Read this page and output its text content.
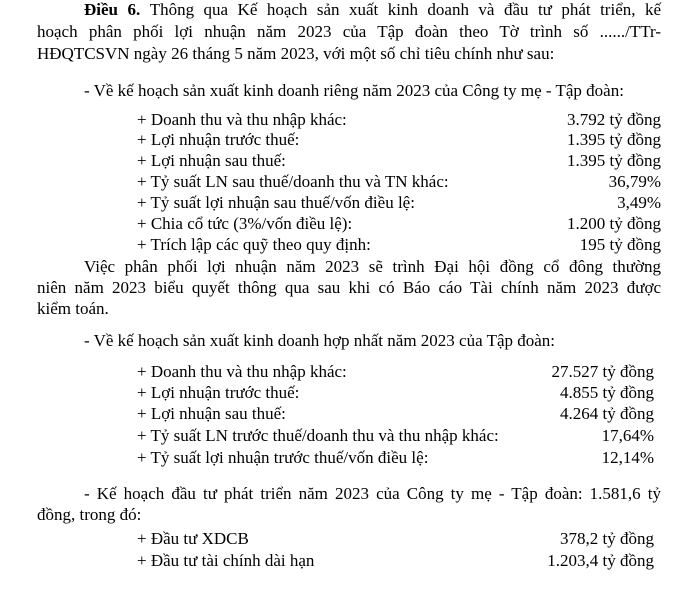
Điều 6. Thông qua Kế hoạch sản xuất kinh doanh và đầu tư phát triển, kế
hoạch phân phối lợi nhuận năm 2023 của Tập đoàn theo Tờ trình số ....../TTr-
HĐQTCSVN ngày 26 tháng 5 năm 2023, với một số chỉ tiêu chính như sau:
- Về kế hoạch sản xuất kinh doanh riêng năm 2023 của Công ty mẹ - Tập đoàn:
+ Doanh thu và thu nhập khác:	3.792 tỷ đồng
+ Lợi nhuận trước thuế:	1.395 tỷ đồng
+ Lợi nhuận sau thuế:	1.395 tỷ đồng
+ Tỷ suất LN sau thuế/doanh thu và TN khác:	36,79%
+ Tỷ suất lợi nhuận sau thuế/vốn điều lệ:	3,49%
+ Chia cổ tức (3%/vốn điều lệ):	1.200 tỷ đồng
+ Trích lập các quỹ theo quy định:	195 tỷ đồng
Việc phân phối lợi nhuận năm 2023 sẽ trình Đại hội đồng cổ đông thường
niên năm 2023 biểu quyết thông qua sau khi có Báo cáo Tài chính năm 2023 được
kiểm toán.
- Về kế hoạch sản xuất kinh doanh hợp nhất năm 2023 của Tập đoàn:
+ Doanh thu và thu nhập khác:	27.527 tỷ đồng
+ Lợi nhuận trước thuế:	4.855 tỷ đồng
+ Lợi nhuận sau thuế:	4.264 tỷ đồng
+ Tỷ suất LN trước thuế/doanh thu và thu nhập khác:	17,64%
+ Tỷ suất lợi nhuận trước thuế/vốn điều lệ:	12,14%
- Kế hoạch đầu tư phát triển năm 2023 của Công ty mẹ - Tập đoàn: 1.581,6 tỷ
đồng, trong đó:
+ Đầu tư XDCB	378,2 tỷ đồng
+ Đầu tư tài chính dài hạn	1.203,4 tỷ đồng
